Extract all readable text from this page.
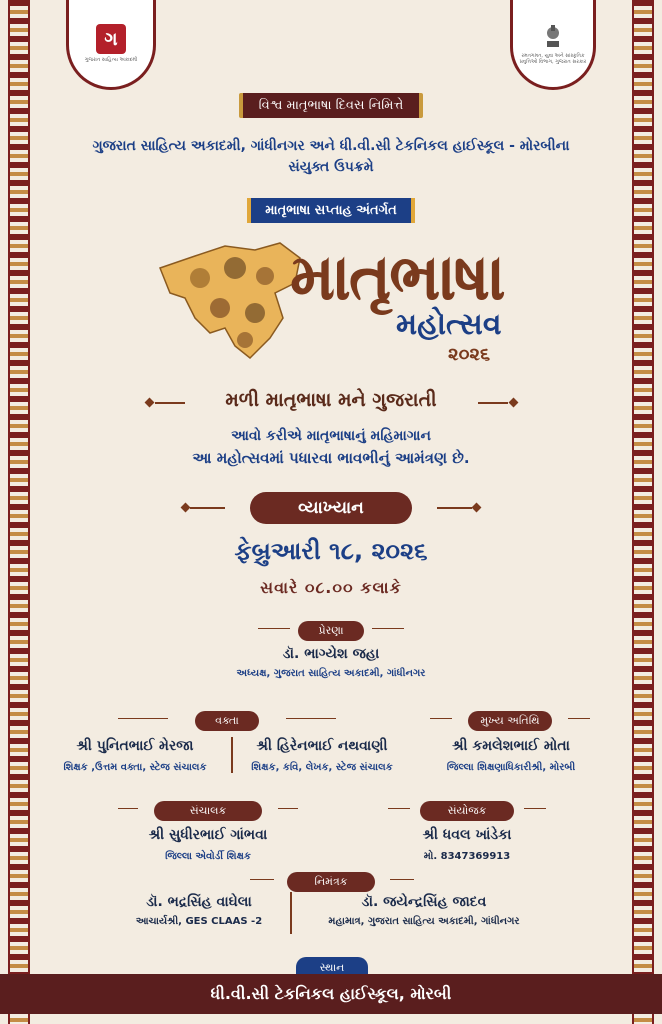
ગ
ગુજરાત સાહિત્ય અકાદમી
રમતગમત, યુવા અને સાંસ્કૃતિક પ્રવૃત્તિઓ વિભાગ, ગુજરાત સરકાર
વિશ્વ માતૃભાષા દિવસ નિમિત્તે
ગુજરાત સાહિત્ય અકાદમી, ગાંધીનગર અને ધી.વી.સી ટેકનિકલ હાઈસ્કૂલ - મોરબીના
સંયુક્ત ઉપક્રમે
માતૃભાષા સપ્તાહ અંતર્ગત
માતૃભાષા
મહોત્સવ
૨૦૨૬
મળી માતૃભાષા મને ગુજરાતી
આવો કરીએ માતૃભાષાનું મહિમાગાન
આ મહોત્સવમાં પધારવા ભાવભીનું આમંત્રણ છે.
વ્યાખ્યાન
ફેબ્રુઆરી ૧૮, ૨૦૨૬
સવારે ૦૮.૦૦ કલાકે
પ્રેરણા
ડૉ. ભાગ્યેશ જહા
અધ્યક્ષ, ગુજરાત સાહિત્ય અકાદમી, ગાંધીનગર
વક્તા
શ્રી પુનિતભાઈ મેરજા
શિક્ષક ,ઉત્તમ વક્તા, સ્ટેજ સંચાલક
શ્રી હિરેનભાઈ નથવાણી
શિક્ષક, કવિ, લેખક, સ્ટેજ સંચાલક
મુખ્ય અતિથિ
શ્રી કમલેશભાઈ મોતા
જિલ્લા શિક્ષણાધિકારીશ્રી, મોરબી
સંચાલક
શ્રી સુધીરભાઈ ગાંભવા
જિલ્લા એવોર્ડી શિક્ષક
સંયોજક
શ્રી ધવલ ખાંડેકા
મો. 8347369913
નિમંત્રક
ડૉ. ભદ્રસિંહ વાઘેલા
આચાર્યશ્રી, GES CLAAS -2
ડૉ. જયેન્દ્રસિંહ જાદવ
મહામાત્ર, ગુજરાત સાહિત્ય અકાદમી, ગાંધીનગર
સ્થાન
ધી.વી.સી ટેકનિકલ હાઈસ્કૂલ, મોરબી
